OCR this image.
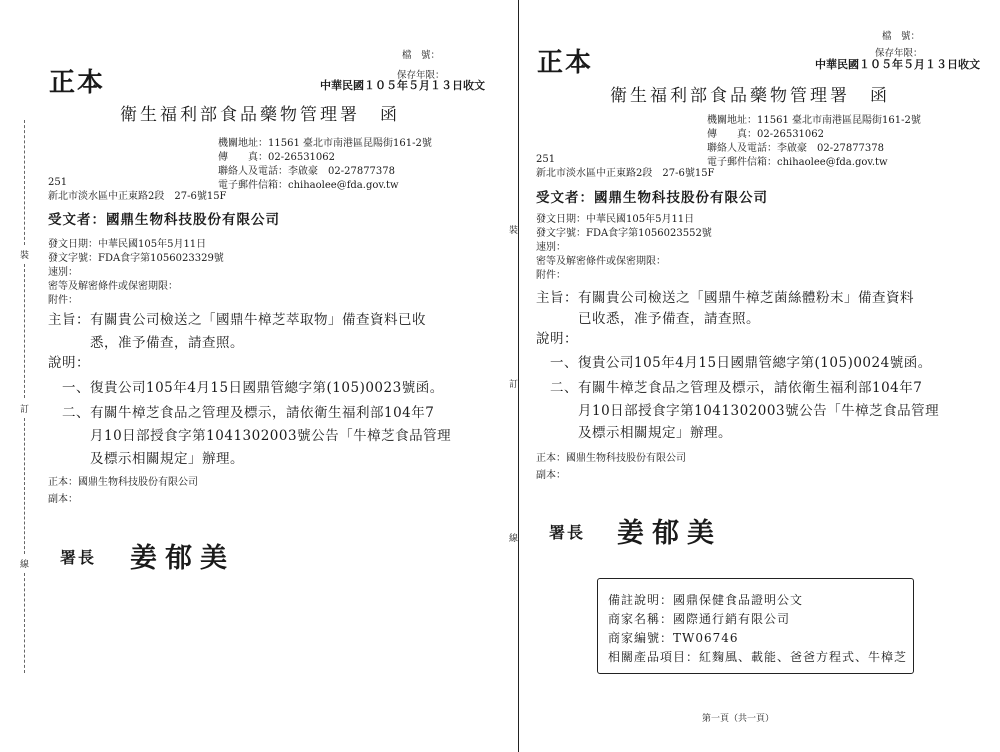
正本
檔　號：
保存年限：
中華民國１０５年５月１３日收文
衛生福利部食品藥物管理署　函
機關地址：11561 臺北市南港區昆陽街161-2號
傳　　真：02-26531062
聯絡人及電話：李啟豪　02-27877378
電子郵件信箱：chihaolee@fda.gov.tw
251
新北市淡水區中正東路2段　27-6號15F
受文者：國鼎生物科技股份有限公司
發文日期：中華民國105年5月11日
發文字號：FDA食字第1056023329號
速別：
密等及解密條件或保密期限：
附件：
主旨：有關貴公司檢送之「國鼎牛樟芝萃取物」備查資料已收
悉，准予備查，請查照。
說明：
一、復貴公司105年4月15日國鼎管總字第(105)0023號函。
二、有關牛樟芝食品之管理及標示，請依衛生福利部104年7
月10日部授食字第1041302003號公告「牛樟芝食品管理
及標示相關規定」辦理。
正本：國鼎生物科技股份有限公司
副本：
署長 姜郁美
裝
訂
線
正本
檔　號：
保存年限：
中華民國１０５年５月１３日收文
衛生福利部食品藥物管理署　函
機關地址：11561 臺北市南港區昆陽街161-2號
傳　　真：02-26531062
聯絡人及電話：李啟豪　02-27877378
電子郵件信箱：chihaolee@fda.gov.tw
251
新北市淡水區中正東路2段　27-6號15F
受文者：國鼎生物科技股份有限公司
發文日期：中華民國105年5月11日
發文字號：FDA食字第1056023552號
速別：
密等及解密條件或保密期限：
附件：
主旨：有關貴公司檢送之「國鼎牛樟芝菌絲體粉末」備查資料
已收悉，准予備查，請查照。
說明：
一、復貴公司105年4月15日國鼎管總字第(105)0024號函。
二、有關牛樟芝食品之管理及標示，請依衛生福利部104年7
月10日部授食字第1041302003號公告「牛樟芝食品管理
及標示相關規定」辦理。
正本：國鼎生物科技股份有限公司
副本：
署長 姜郁美
裝
訂
線
備註說明：國鼎保健食品證明公文
商家名稱：國際通行銷有限公司
商家編號：TW06746
相關產品項目：紅麴風、載能、爸爸方程式、牛樟芝
第一頁（共一頁）
